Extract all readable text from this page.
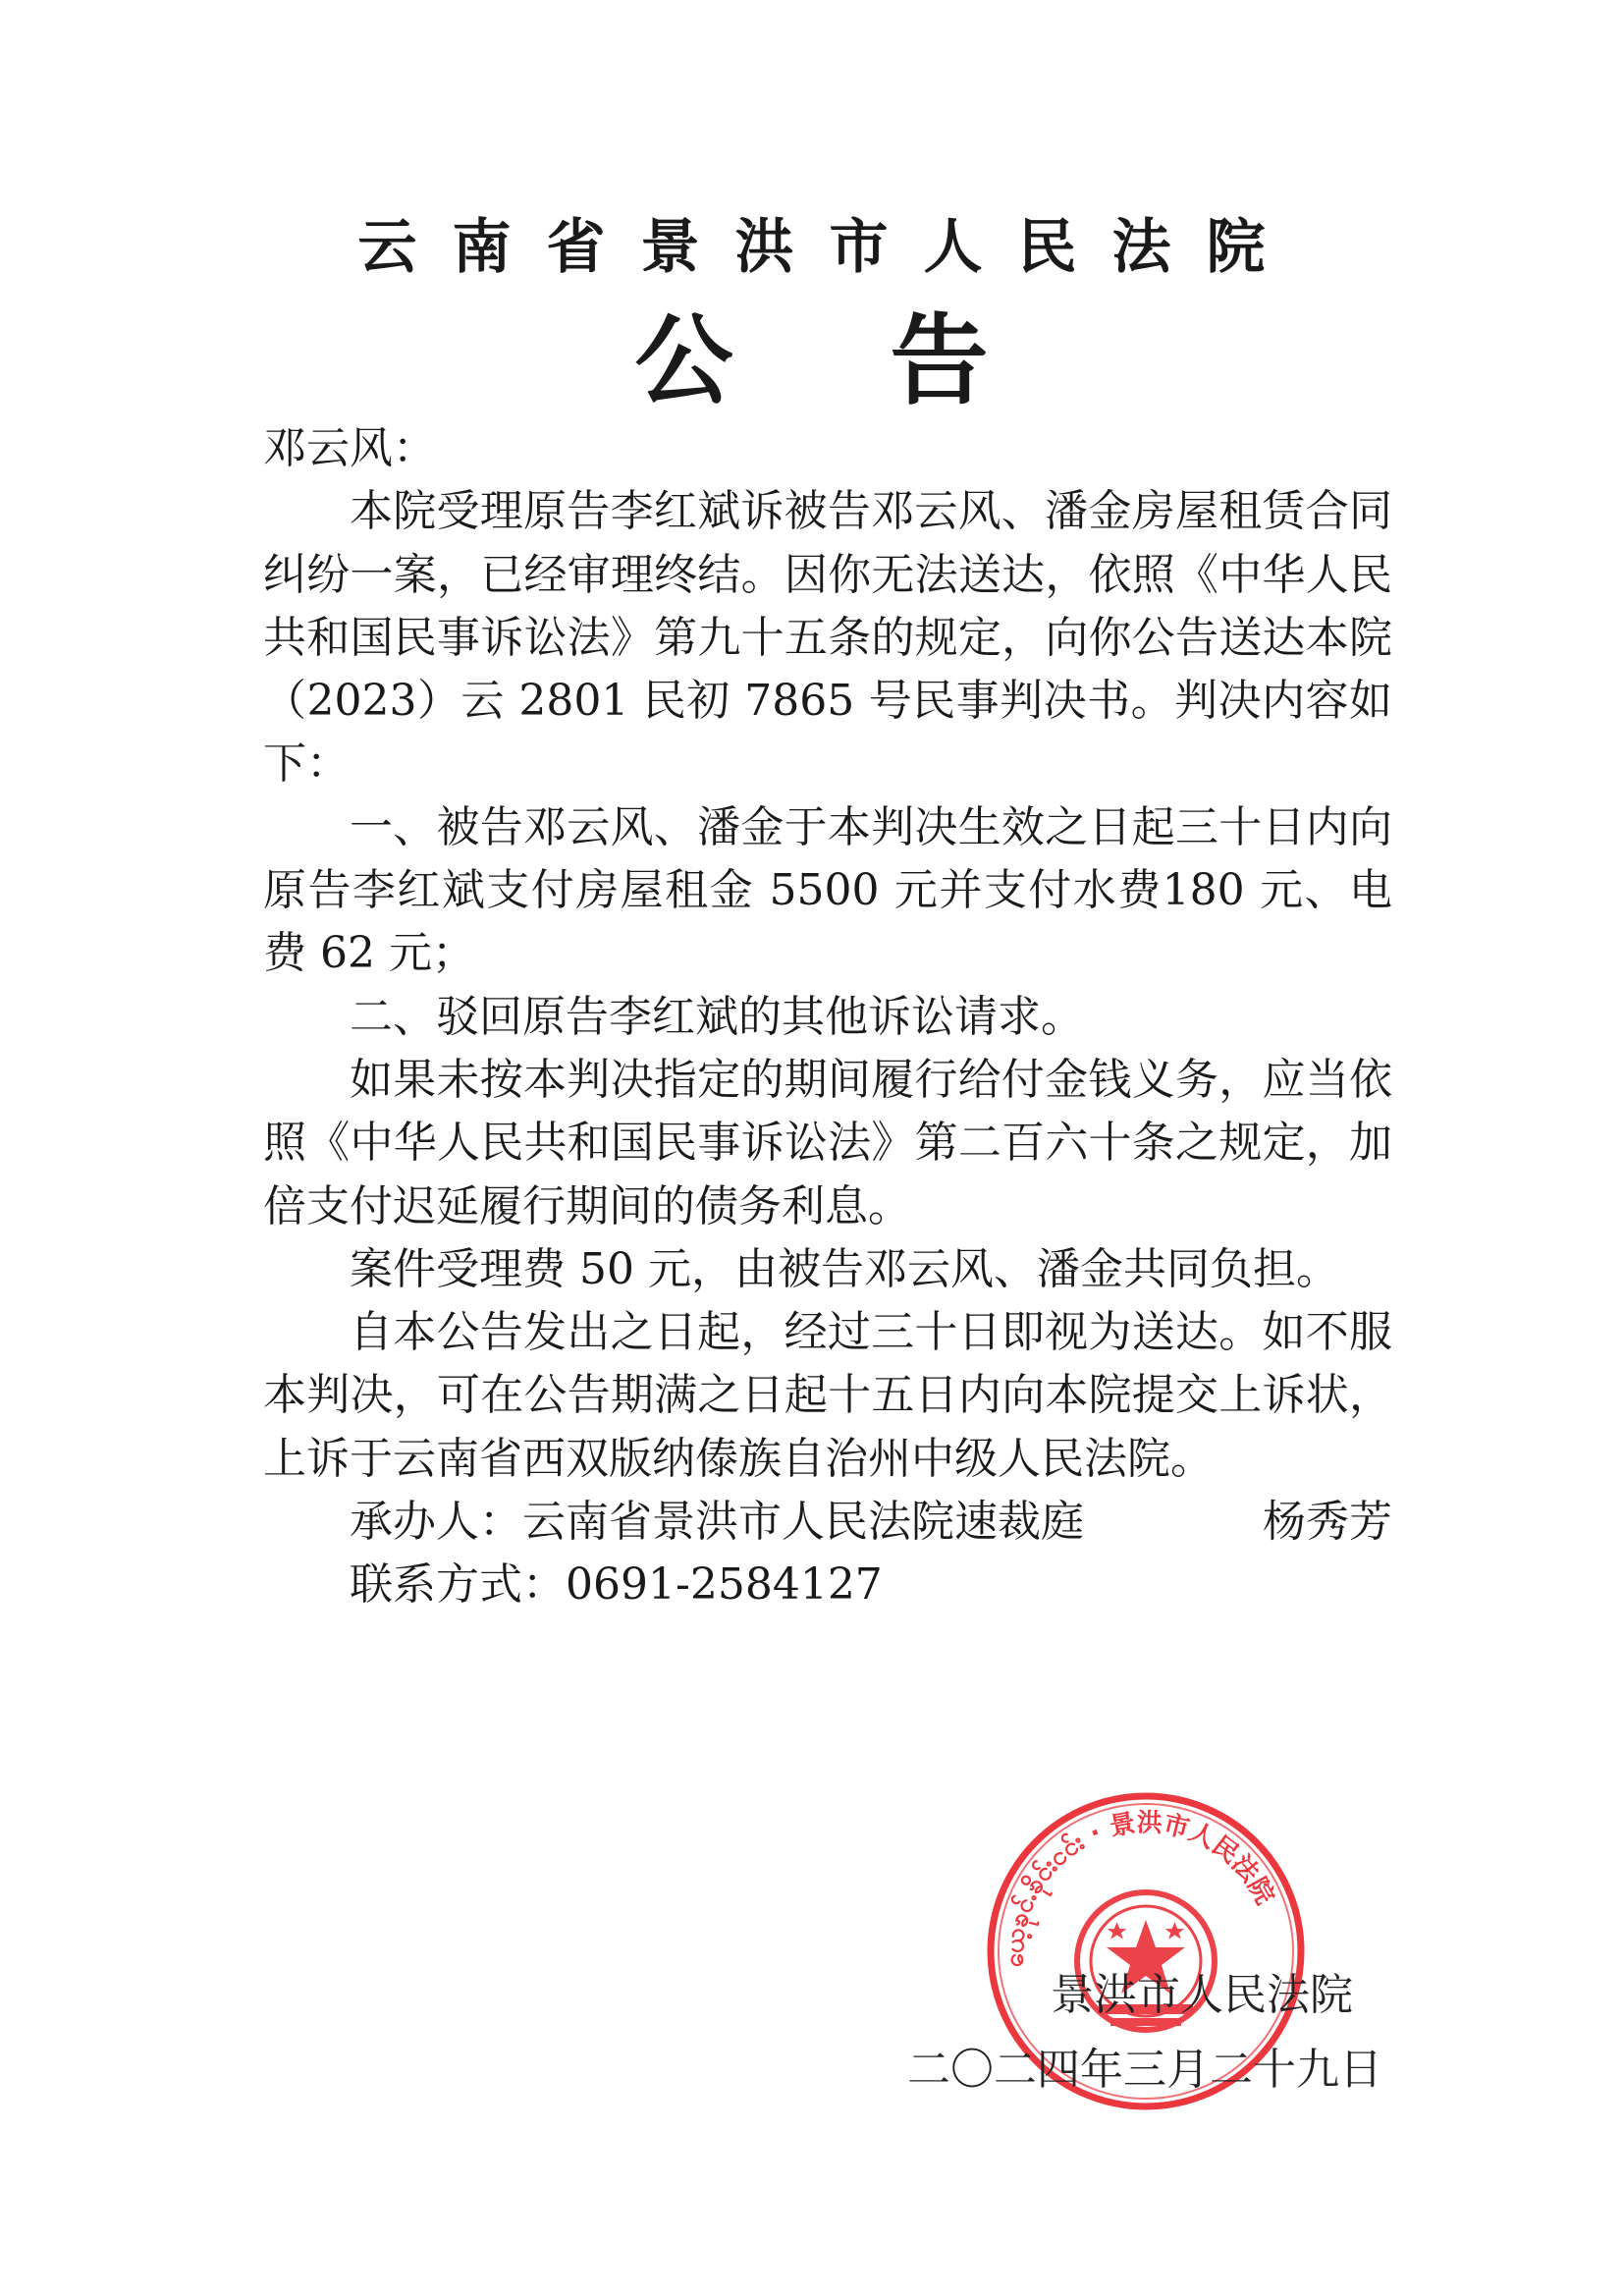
云南省景洪市人民法院
公告

邓云风：

本院受理原告李红斌诉被告邓云风、潘金房屋租赁合同纠纷一案，已经审理终结。因你无法送达，依照《中华人民共和国民事诉讼法》第九十五条的规定，向你公告送达本院（2023）云 2801 民初 7865 号民事判决书。判决内容如下：

一、被告邓云风、潘金于本判决生效之日起三十日内向原告李红斌支付房屋租金 5500 元并支付水费180 元、电费 62 元；

二、驳回原告李红斌的其他诉讼请求。

如果未按本判决指定的期间履行给付金钱义务，应当依照《中华人民共和国民事诉讼法》第二百六十条之规定，加倍支付迟延履行期间的债务利息。

案件受理费 50 元，由被告邓云风、潘金共同负担。

自本公告发出之日起，经过三十日即视为送达。如不服本判决，可在公告期满之日起十五日内向本院提交上诉状，上诉于云南省西双版纳傣族自治州中级人民法院。

承办人：云南省景洪市人民法院速裁庭	杨秀芳

联系方式：0691-2584127

ယေ့ၶုင်ႉၶိုင်းငင်း · 景洪市人民法院
景洪市人民法院
二〇二四年三月二十九日
